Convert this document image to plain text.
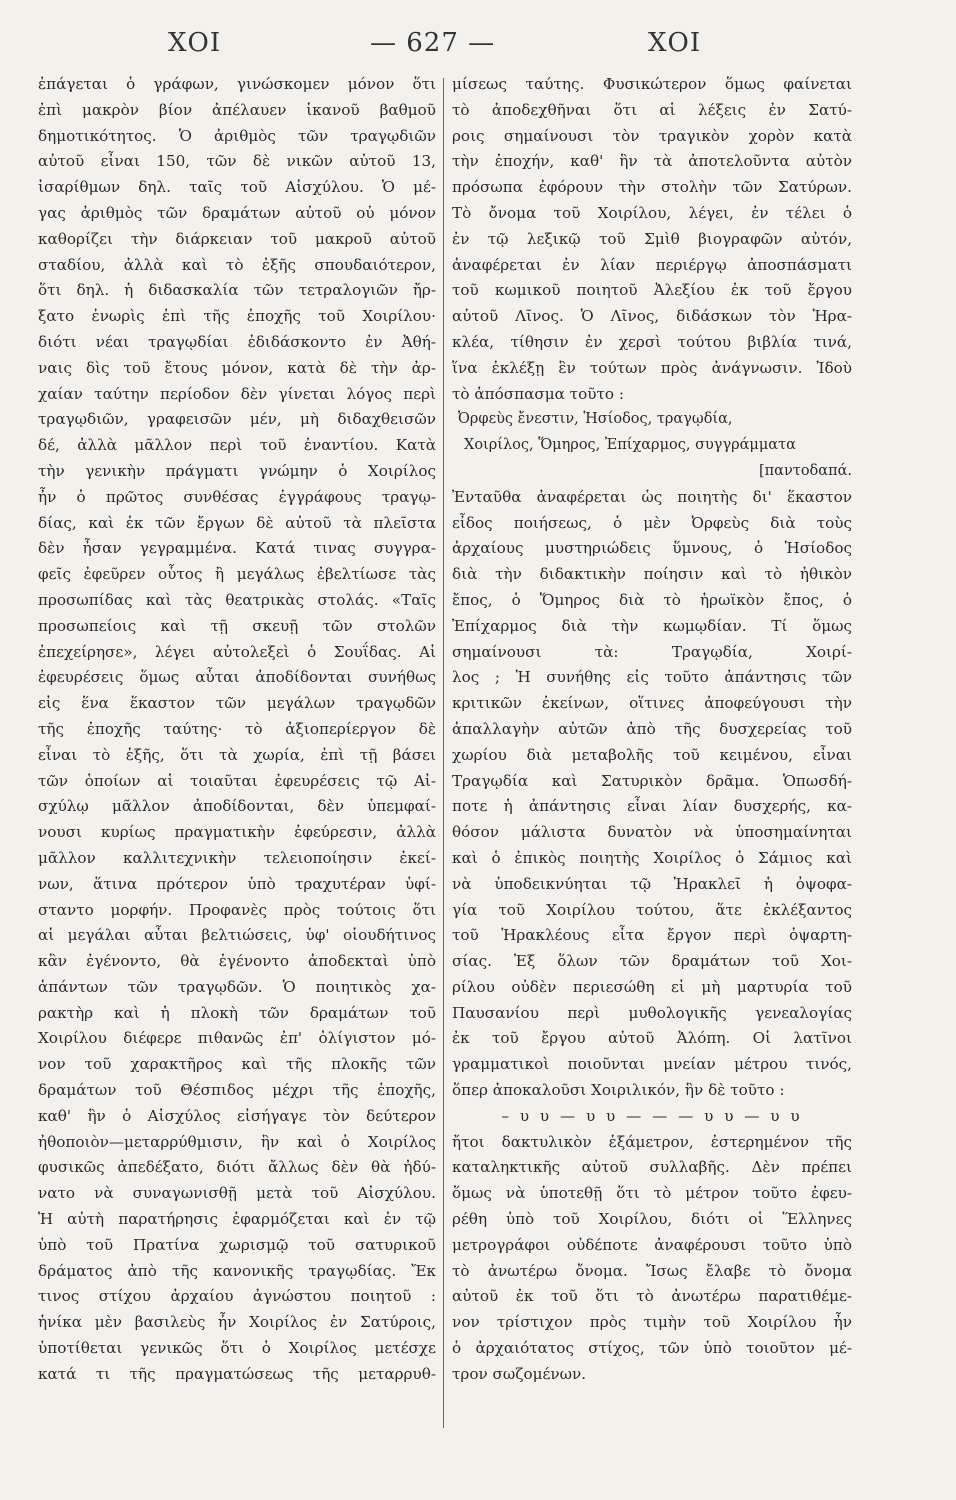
ΧΟΙ	— 627 —	ΧΟΙ
ἐπάγεται ὁ γράφων, γινώσκομεν μόνον ὅτι
ἐπὶ μακρὸν βίον ἀπέλαυεν ἱκανοῦ βαθμοῦ
δημοτικότητος. Ὁ ἀριθμὸς τῶν τραγῳδιῶν
αὐτοῦ εἶναι 150, τῶν δὲ νικῶν αὐτοῦ 13,
ἰσαρίθμων δηλ. ταῖς τοῦ Αἰσχύλου. Ὁ μέ-
γας ἀριθμὸς τῶν δραμάτων αὐτοῦ οὐ μόνον
καθορίζει τὴν διάρκειαν τοῦ μακροῦ αὐτοῦ
σταδίου, ἀλλὰ καὶ τὸ ἐξῆς σπουδαιότερον,
ὅτι δηλ. ἡ διδασκαλία τῶν τετραλογιῶν ἤρ-
ξατο ἐνωρὶς ἐπὶ τῆς ἐποχῆς τοῦ Χοιρίλου·
διότι νέαι τραγῳδίαι ἐδιδάσκοντο ἐν Ἀθή-
ναις δὶς τοῦ ἔτους μόνον, κατὰ δὲ τὴν ἀρ-
χαίαν ταύτην περίοδον δὲν γίνεται λόγος περὶ
τραγῳδιῶν, γραφεισῶν μέν, μὴ διδαχθεισῶν
δέ, ἀλλὰ μᾶλλον περὶ τοῦ ἐναντίου. Κατὰ
τὴν γενικὴν πράγματι γνώμην ὁ Χοιρίλος
ἦν ὁ πρῶτος συνθέσας ἐγγράφους τραγῳ-
δίας, καὶ ἐκ τῶν ἔργων δὲ αὐτοῦ τὰ πλεῖστα
δὲν ἦσαν γεγραμμένα. Κατά τινας συγγρα-
φεῖς ἐφεῦρεν οὗτος ἢ μεγάλως ἐβελτίωσε τὰς
προσωπίδας καὶ τὰς θεατρικὰς στολάς. «Ταῖς
προσωπείοις καὶ τῇ σκευῇ τῶν στολῶν
ἐπεχείρησε», λέγει αὐτολεξεὶ ὁ Σουΐδας. Αἱ
ἐφευρέσεις ὅμως αὗται ἀποδίδονται συνήθως
εἰς ἕνα ἕκαστον τῶν μεγάλων τραγῳδῶν
τῆς ἐποχῆς ταύτης· τὸ ἀξιοπερίεργον δὲ
εἶναι τὸ ἑξῆς, ὅτι τὰ χωρία, ἐπὶ τῇ βάσει
τῶν ὁποίων αἱ τοιαῦται ἐφευρέσεις τῷ Αἰ-
σχύλῳ μᾶλλον ἀποδίδονται, δὲν ὑπεμφαί-
νουσι κυρίως πραγματικὴν ἐφεύρεσιν, ἀλλὰ
μᾶλλον καλλιτεχνικὴν τελειοποίησιν ἐκεί-
νων, ἅτινα πρότερον ὑπὸ τραχυτέραν ὑφί-
σταντο μορφήν. Προφανὲς πρὸς τούτοις ὅτι
αἱ μεγάλαι αὗται βελτιώσεις, ὑφ' οἱουδήτινος
κἂν ἐγένοντο, θὰ ἐγένοντο ἀποδεκταὶ ὑπὸ
ἁπάντων τῶν τραγῳδῶν. Ὁ ποιητικὸς χα-
ρακτὴρ καὶ ἡ πλοκὴ τῶν δραμάτων τοῦ
Χοιρίλου διέφερε πιθανῶς ἐπ' ὀλίγιστον μό-
νον τοῦ χαρακτῆρος καὶ τῆς πλοκῆς τῶν
δραμάτων τοῦ Θέσπιδος μέχρι τῆς ἐποχῆς,
καθ' ἣν ὁ Αἰσχύλος εἰσήγαγε τὸν δεύτερον
ἠθοποιὸν—μεταρρύθμισιν, ἣν καὶ ὁ Χοιρίλος
φυσικῶς ἀπεδέξατο, διότι ἄλλως δὲν θὰ ἠδύ-
νατο νὰ συναγωνισθῇ μετὰ τοῦ Αἰσχύλου.
Ἡ αὐτὴ παρατήρησις ἐφαρμόζεται καὶ ἐν τῷ
ὑπὸ τοῦ Πρατίνα χωρισμῷ τοῦ σατυρικοῦ
δράματος ἀπὸ τῆς κανονικῆς τραγῳδίας. Ἔκ
τινος στίχου ἀρχαίου ἀγνώστου ποιητοῦ :
ἡνίκα μὲν βασιλεὺς ἦν Χοιρίλος ἐν Σατύροις,
ὑποτίθεται γενικῶς ὅτι ὁ Χοιρίλος μετέσχε
κατά τι τῆς πραγματώσεως τῆς μεταρρυθ-
μίσεως ταύτης. Φυσικώτερον ὅμως φαίνεται
τὸ ἀποδεχθῆναι ὅτι αἱ λέξεις ἐν Σατύ-
ροις σημαίνουσι τὸν τραγικὸν χορὸν κατὰ
τὴν ἐποχήν, καθ' ἣν τὰ ἀποτελοῦντα αὐτὸν
πρόσωπα ἐφόρουν τὴν στολὴν τῶν Σατύρων.
Τὸ ὄνομα τοῦ Χοιρίλου, λέγει, ἐν τέλει ὁ
ἐν τῷ λεξικῷ τοῦ Σμὶθ βιογραφῶν αὐτόν,
ἀναφέρεται ἐν λίαν περιέργῳ ἀποσπάσματι
τοῦ κωμικοῦ ποιητοῦ Ἀλεξίου ἐκ τοῦ ἔργου
αὐτοῦ Λῖνος. Ὁ Λῖνος, διδάσκων τὸν Ἡρα-
κλέα, τίθησιν ἐν χερσὶ τούτου βιβλία τινά,
ἵνα ἐκλέξῃ ἓν τούτων πρὸς ἀνάγνωσιν. Ἰδοὺ
τὸ ἀπόσπασμα τοῦτο :
Ὀρφεὺς ἔνεστιν, Ἡσίοδος, τραγῳδία,
Χοιρίλος, Ὅμηρος, Ἐπίχαρμος, συγγράμματα
[παντοδαπά.
Ἐνταῦθα ἀναφέρεται ὡς ποιητὴς δι' ἕκαστον
εἶδος ποιήσεως, ὁ μὲν Ὀρφεὺς διὰ τοὺς
ἀρχαίους μυστηριώδεις ὕμνους, ὁ Ἡσίοδος
διὰ τὴν διδακτικὴν ποίησιν καὶ τὸ ἠθικὸν
ἔπος, ὁ Ὅμηρος διὰ τὸ ἡρωϊκὸν ἔπος, ὁ
Ἐπίχαρμος διὰ τὴν κωμῳδίαν. Τί ὅμως
σημαίνουσι τὰ: Τραγῳδία, Χοιρί-
λος ; Ἡ συνήθης εἰς τοῦτο ἀπάντησις τῶν
κριτικῶν ἐκείνων, οἵτινες ἀποφεύγουσι τὴν
ἀπαλλαγὴν αὐτῶν ἀπὸ τῆς δυσχερείας τοῦ
χωρίου διὰ μεταβολῆς τοῦ κειμένου, εἶναι
Τραγῳδία καὶ Σατυρικὸν δρᾶμα. Ὁπωσδή-
ποτε ἡ ἀπάντησις εἶναι λίαν δυσχερής, κα-
θόσον μάλιστα δυνατὸν νὰ ὑποσημαίνηται
καὶ ὁ ἐπικὸς ποιητὴς Χοιρίλος ὁ Σάμιος καὶ
νὰ ὑποδεικνύηται τῷ Ἡρακλεῖ ἡ ὀψοφα-
γία τοῦ Χοιρίλου τούτου, ἅτε ἐκλέξαντος
τοῦ Ἡρακλέους εἶτα ἔργον περὶ ὀψαρτη-
σίας. Ἐξ ὅλων τῶν δραμάτων τοῦ Χοι-
ρίλου οὐδὲν περιεσώθη εἰ μὴ μαρτυρία τοῦ
Παυσανίου περὶ μυθολογικῆς γενεαλογίας
ἐκ τοῦ ἔργου αὐτοῦ Ἀλόπη. Οἱ λατῖνοι
γραμματικοὶ ποιοῦνται μνείαν μέτρου τινός,
ὅπερ ἀποκαλοῦσι Χοιριλικόν, ἣν δὲ τοῦτο :
– υ υ — υ υ — — — υ υ — υ υ
ἤτοι δακτυλικὸν ἑξάμετρον, ἐστερημένον τῆς
καταληκτικῆς αὐτοῦ συλλαβῆς. Δὲν πρέπει
ὅμως νὰ ὑποτεθῇ ὅτι τὸ μέτρον τοῦτο ἐφευ-
ρέθη ὑπὸ τοῦ Χοιρίλου, διότι οἱ Ἕλληνες
μετρογράφοι οὐδέποτε ἀναφέρουσι τοῦτο ὑπὸ
τὸ ἀνωτέρω ὄνομα. Ἴσως ἔλαβε τὸ ὄνομα
αὐτοῦ ἐκ τοῦ ὅτι τὸ ἀνωτέρω παρατιθέμε-
νον τρίστιχον πρὸς τιμὴν τοῦ Χοιρίλου ἦν
ὁ ἀρχαιότατος στίχος, τῶν ὑπὸ τοιοῦτον μέ-
τρον σωζομένων.
